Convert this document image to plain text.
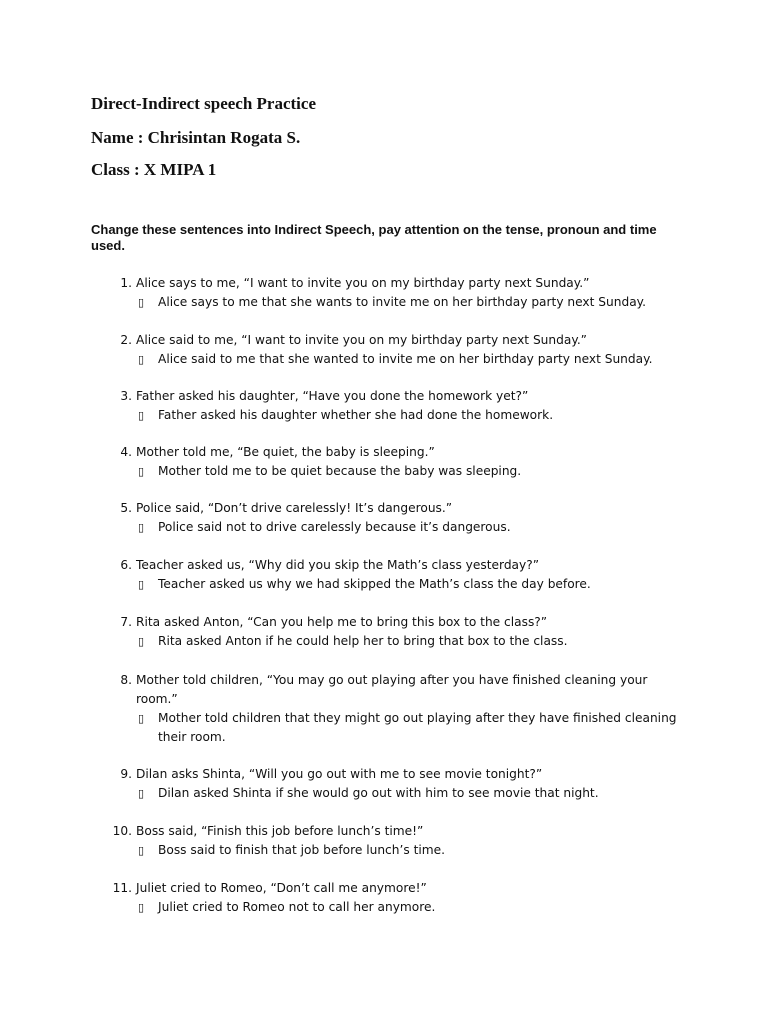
Direct-Indirect speech Practice
Name : Chrisintan Rogata S.
Class : X MIPA 1
Change these sentences into Indirect Speech, pay attention on the tense, pronoun and time used.
1. Alice says to me, “I want to invite you on my birthday party next Sunday.”
▯ Alice says to me that she wants to invite me on her birthday party next Sunday.
2. Alice said to me, “I want to invite you on my birthday party next Sunday.”
▯ Alice said to me that she wanted to invite me on her birthday party next Sunday.
3. Father asked his daughter, “Have you done the homework yet?”
▯ Father asked his daughter whether she had done the homework.
4. Mother told me, “Be quiet, the baby is sleeping.”
▯ Mother told me to be quiet because the baby was sleeping.
5. Police said, “Don’t drive carelessly! It’s dangerous.”
▯ Police said not to drive carelessly because it’s dangerous.
6. Teacher asked us, “Why did you skip the Math’s class yesterday?”
▯ Teacher asked us why we had skipped the Math’s class the day before.
7. Rita asked Anton, “Can you help me to bring this box to the class?”
▯ Rita asked Anton if he could help her to bring that box to the class.
8. Mother told children, “You may go out playing after you have finished cleaning your room.”
▯ Mother told children that they might go out playing after they have finished cleaning their room.
9. Dilan asks Shinta, “Will you go out with me to see movie tonight?”
▯ Dilan asked Shinta if she would go out with him to see movie that night.
10. Boss said, “Finish this job before lunch’s time!”
▯ Boss said to finish that job before lunch’s time.
11. Juliet cried to Romeo, “Don’t call me anymore!”
▯ Juliet cried to Romeo not to call her anymore.
